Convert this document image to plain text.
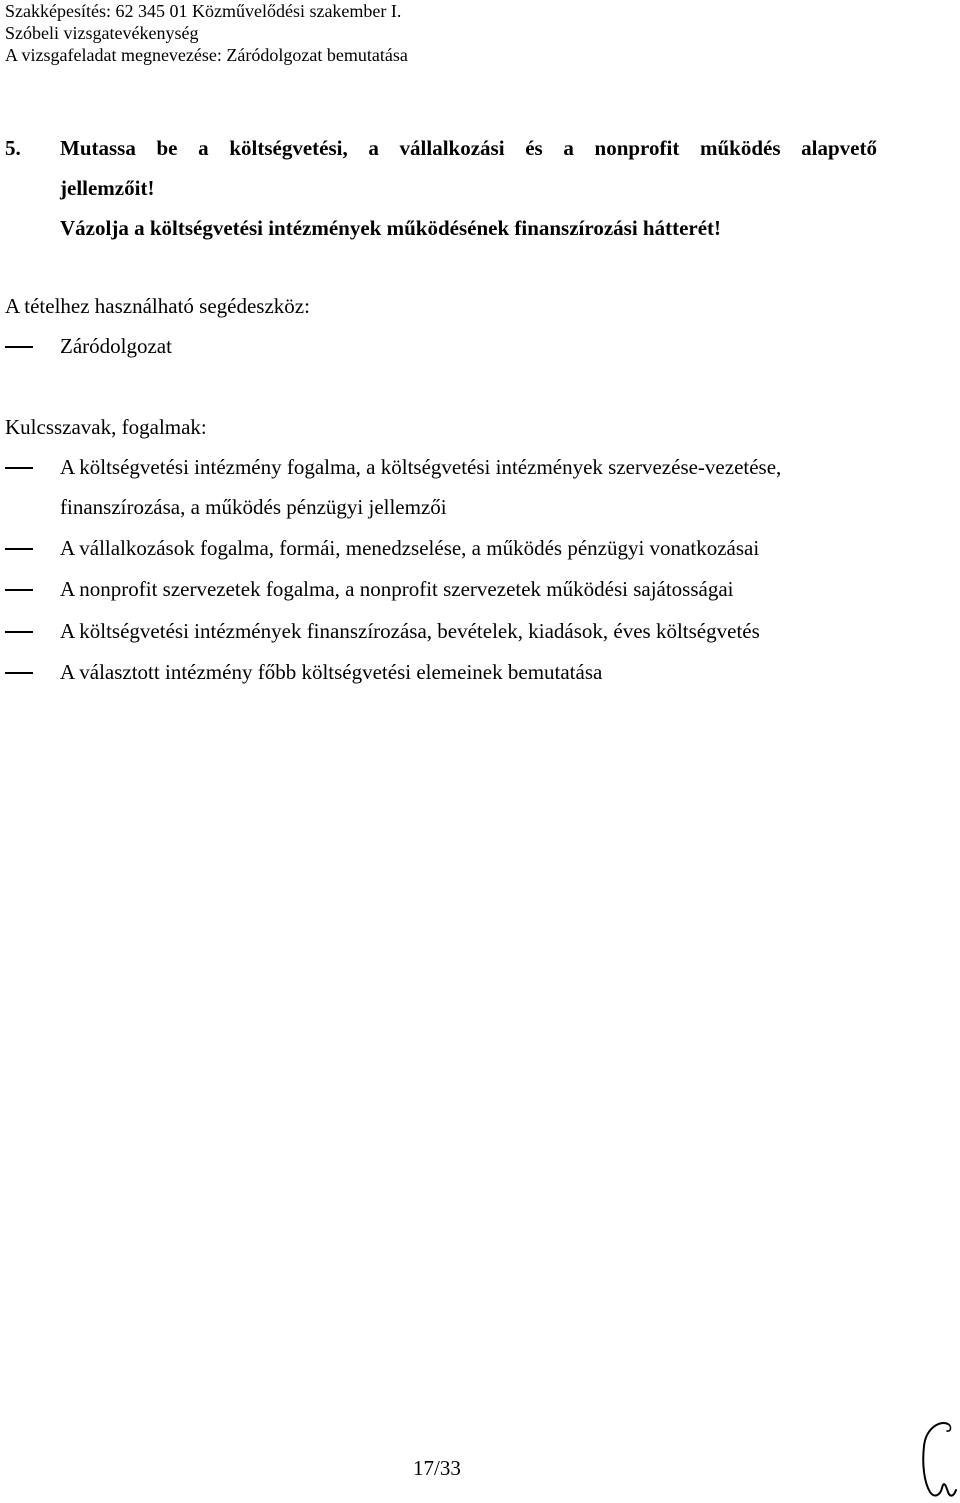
Szakképesítés: 62 345 01 Közművelődési szakember I.
Szóbeli vizsgatevékenység
A vizsgafeladat megnevezése: Záródolgozat bemutatása
5. Mutassa be a költségvetési, a vállalkozási és a nonprofit működés alapvető
jellemzőit!
Vázolja a költségvetési intézmények működésének finanszírozási hátterét!
A tételhez használható segédeszköz:
Záródolgozat
Kulcsszavak, fogalmak:
A költségvetési intézmény fogalma, a költségvetési intézmények szervezése-vezetése,
finanszírozása, a működés pénzügyi jellemzői
A vállalkozások fogalma, formái, menedzselése, a működés pénzügyi vonatkozásai
A nonprofit szervezetek fogalma, a nonprofit szervezetek működési sajátosságai
A költségvetési intézmények finanszírozása, bevételek, kiadások, éves költségvetés
A választott intézmény főbb költségvetési elemeinek bemutatása
17/33
